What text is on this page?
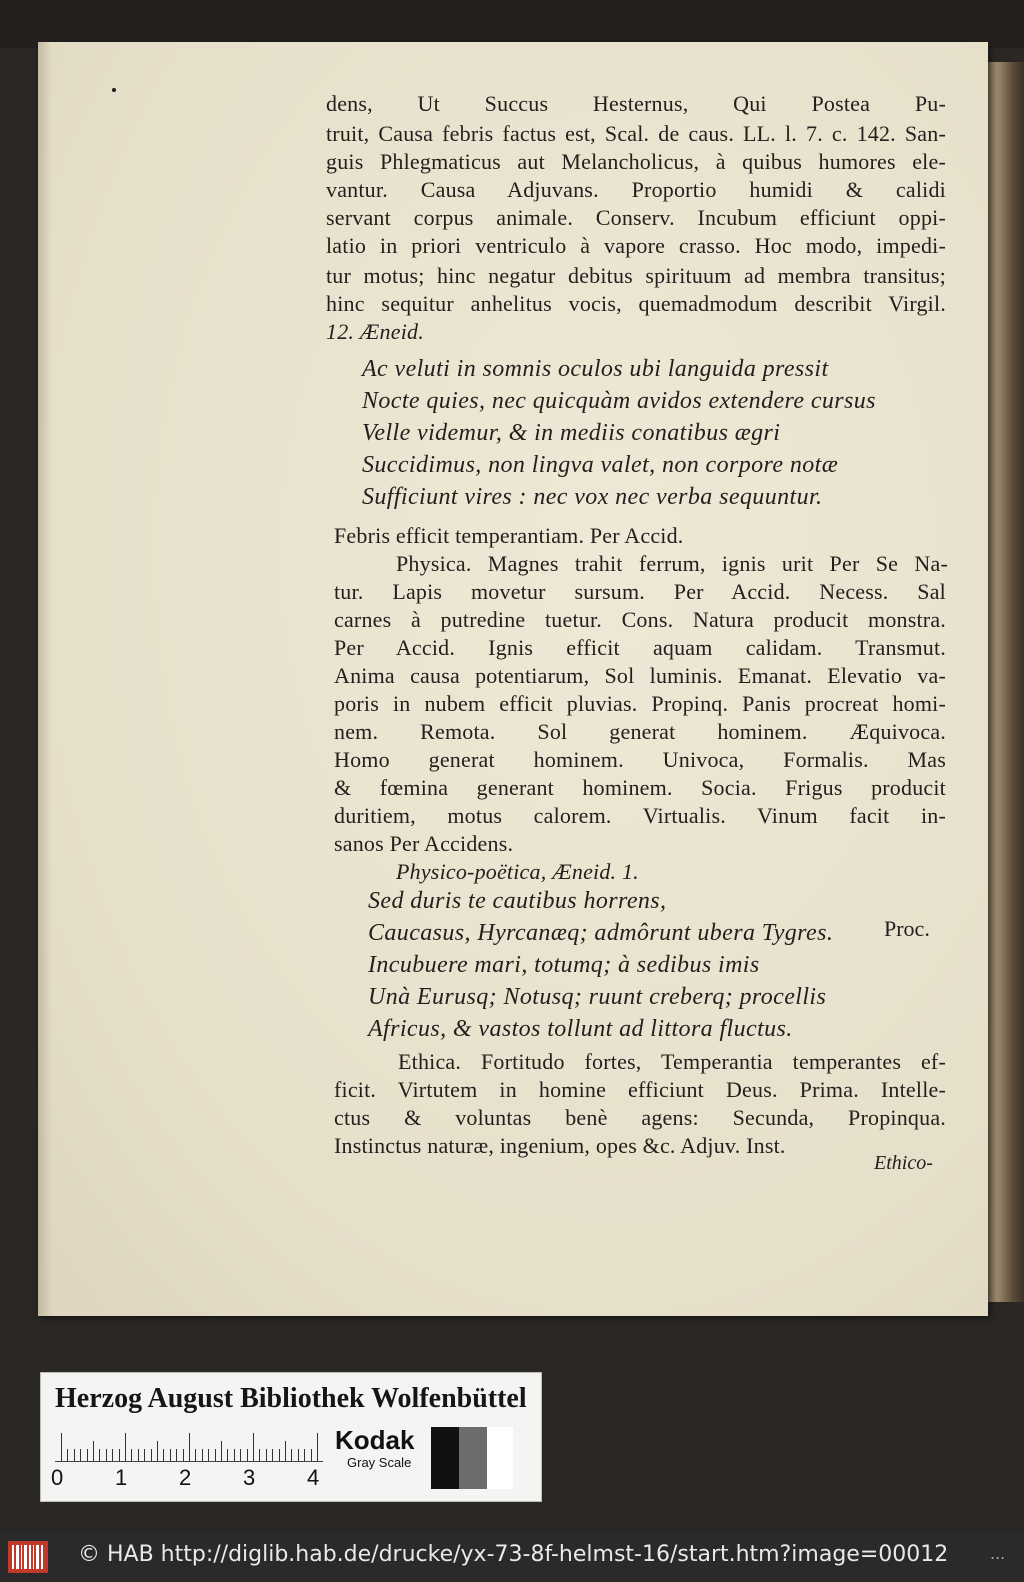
dens, Ut Succus Hesternus, Qui Postea Pu-
truit, Causa febris factus est, Scal. de caus. LL. l. 7. c. 142. San-
guis Phlegmaticus aut Melancholicus, à quibus humores ele-
vantur. Causa Adjuvans. Proportio humidi & calidi
servant corpus animale. Conserv. Incubum efficiunt oppi-
latio in priori ventriculo à vapore crasso. Hoc modo, impedi-
tur motus; hinc negatur debitus spirituum ad membra transitus;
hinc sequitur anhelitus vocis, quemadmodum describit Virgil.
12. Æneid.
Ac veluti in somnis oculos ubi languida pressit
Nocte quies, nec quicquàm avidos extendere cursus
Velle videmur, & in mediis conatibus ægri
Succidimus, non lingva valet, non corpore notæ
Sufficiunt vires : nec vox nec verba sequuntur.
Febris efficit temperantiam. Per Accid.
Physica. Magnes trahit ferrum, ignis urit Per Se Na-
tur. Lapis movetur sursum. Per Accid. Necess. Sal
carnes à putredine tuetur. Cons. Natura producit monstra.
Per Accid. Ignis efficit aquam calidam. Transmut.
Anima causa potentiarum, Sol luminis. Emanat. Elevatio va-
poris in nubem efficit pluvias. Propinq. Panis procreat homi-
nem. Remota. Sol generat hominem. Æquivoca.
Homo generat hominem. Univoca, Formalis. Mas
& fœmina generant hominem. Socia. Frigus producit
duritiem, motus calorem. Virtualis. Vinum facit in-
sanos Per Accidens.
Physico-poëtica, Æneid. 1.
Sed duris te cautibus horrens,
Caucasus, Hyrcanæq; admôrunt ubera Tygres.	Proc.
Incubuere mari, totumq; à sedibus imis
Unà Eurusq; Notusq; ruunt creberq; procellis
Africus, & vastos tollunt ad littora fluctus.
Ethica. Fortitudo fortes, Temperantia temperantes ef-
ficit. Virtutem in homine efficiunt Deus. Prima. Intelle-
ctus & voluntas benè agens: Secunda, Propinqua.
Instinctus naturæ, ingenium, opes &c. Adjuv. Inst.
Ethico-
Herzog August Bibliothek Wolfenbüttel
0 1 2 3 4
Kodak
Gray Scale
© HAB http://diglib.hab.de/drucke/yx-73-8f-helmst-16/start.htm?image=00012	...
